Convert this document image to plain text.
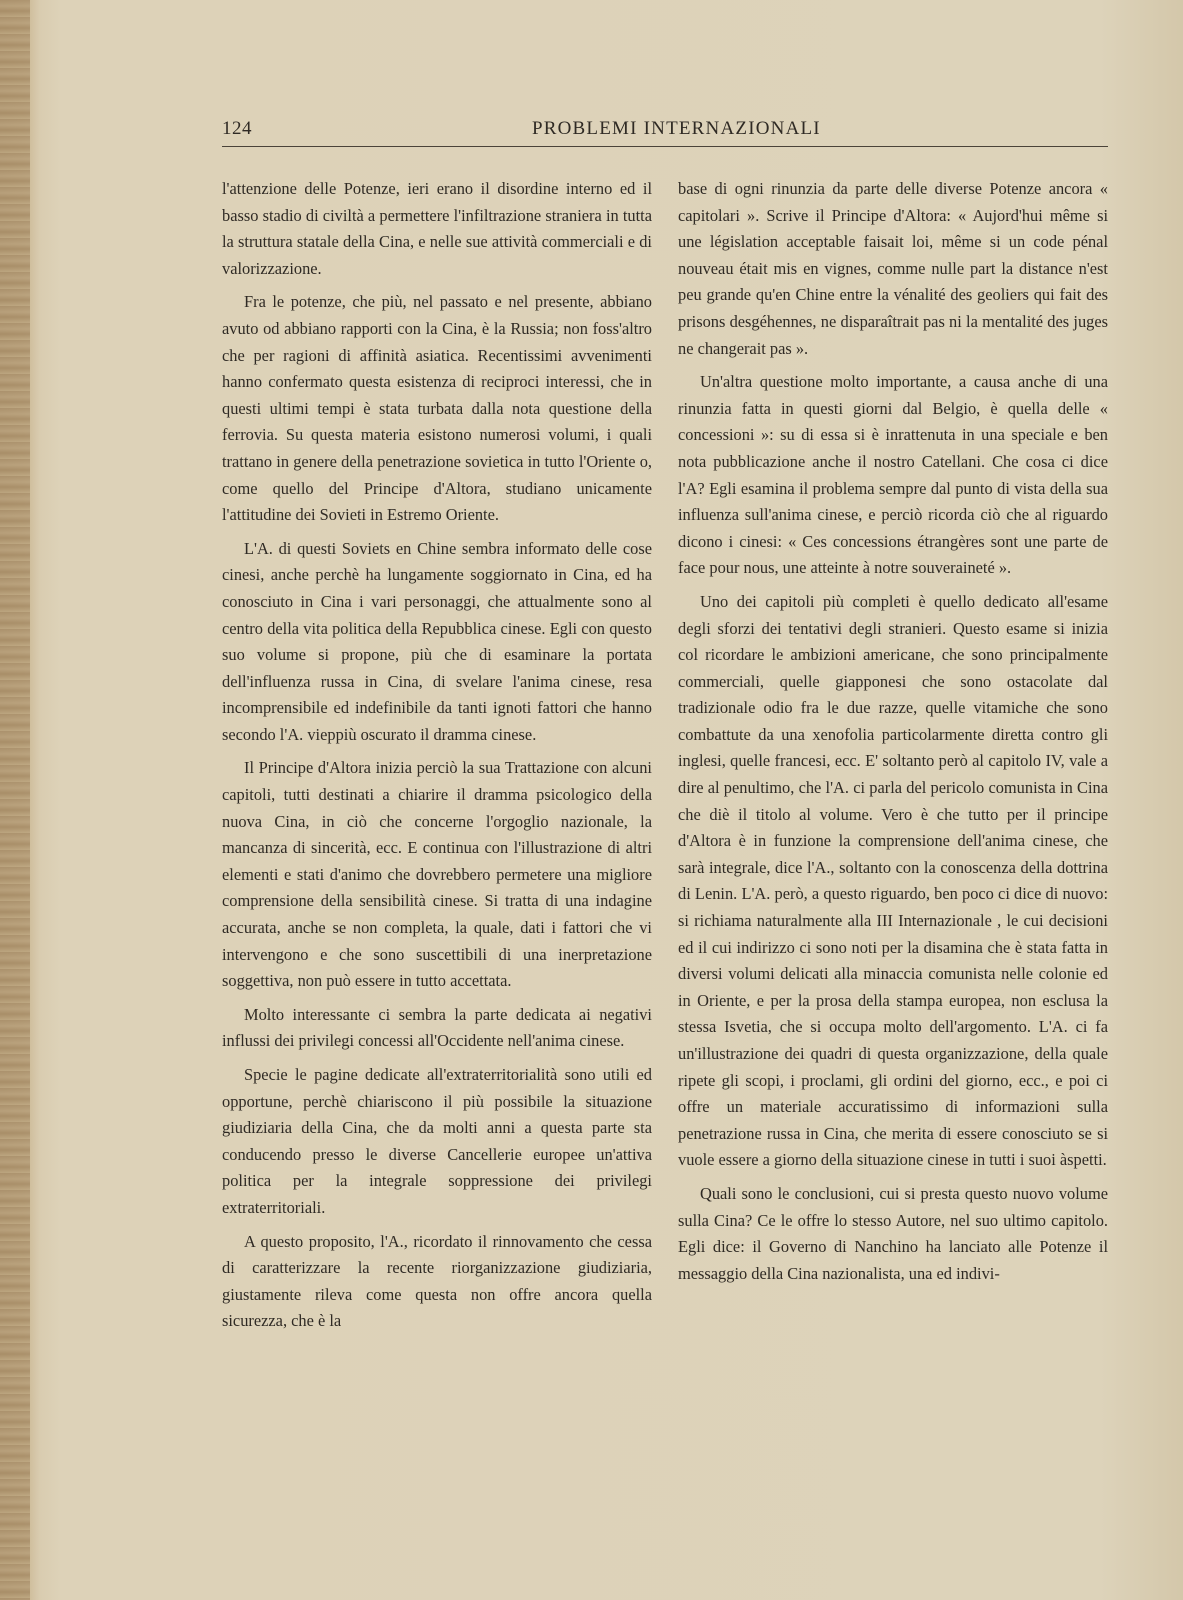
124	PROBLEMI INTERNAZIONALI

l'attenzione delle Potenze, ieri erano il disordine interno ed il basso stadio di civiltà a permettere l'infiltrazione straniera in tutta la struttura statale della Cina, e nelle sue attività commerciali e di valorizzazione.

Fra le potenze, che più, nel passato e nel presente, abbiano avuto od abbiano rapporti con la Cina, è la Russia; non foss'altro che per ragioni di affinità asiatica. Recentissimi avvenimenti hanno confermato questa esistenza di reciproci interessi, che in questi ultimi tempi è stata turbata dalla nota questione della ferrovia. Su questa materia esistono numerosi volumi, i quali trattano in genere della penetrazione sovietica in tutto l'Oriente o, come quello del Principe d'Altora, studiano unicamente l'attitudine dei Sovieti in Estremo Oriente.

L'A. di questi Soviets en Chine sembra informato delle cose cinesi, anche perchè ha lungamente soggiornato in Cina, ed ha conosciuto in Cina i vari personaggi, che attualmente sono al centro della vita politica della Repubblica cinese. Egli con questo suo volume si propone, più che di esaminare la portata dell'influenza russa in Cina, di svelare l'anima cinese, resa incomprensibile ed indefinibile da tanti ignoti fattori che hanno secondo l'A. vieppiù oscurato il dramma cinese.

Il Principe d'Altora inizia perciò la sua Trattazione con alcuni capitoli, tutti destinati a chiarire il dramma psicologico della nuova Cina, in ciò che concerne l'orgoglio nazionale, la mancanza di sincerità, ecc. E continua con l'illustrazione di altri elementi e stati d'animo che dovrebbero permetere una migliore comprensione della sensibilità cinese. Si tratta di una indagine accurata, anche se non completa, la quale, dati i fattori che vi intervengono e che sono suscettibili di una inerpretazione soggettiva, non può essere in tutto accettata.

Molto interessante ci sembra la parte dedicata ai negativi influssi dei privilegi concessi all'Occidente nell'anima cinese.

Specie le pagine dedicate all'extraterritorialità sono utili ed opportune, perchè chiariscono il più possibile la situazione giudiziaria della Cina, che da molti anni a questa parte sta conducendo presso le diverse Cancellerie europee un'attiva politica per la integrale soppressione dei privilegi extraterritoriali.

A questo proposito, l'A., ricordato il rinnovamento che cessa di caratterizzare la recente riorganizzazione giudiziaria, giustamente rileva come questa non offre ancora quella sicurezza, che è la

base di ogni rinunzia da parte delle diverse Potenze ancora « capitolari ». Scrive il Principe d'Altora: « Aujord'hui même si une législation acceptable faisait loi, même si un code pénal nouveau était mis en vignes, comme nulle part la distance n'est peu grande qu'en Chine entre la vénalité des geoliers qui fait des prisons desgéhennes, ne disparaîtrait pas ni la mentalité des juges ne changerait pas ».

Un'altra questione molto importante, a causa anche di una rinunzia fatta in questi giorni dal Belgio, è quella delle « concessioni »: su di essa si è inrattenuta in una speciale e ben nota pubblicazione anche il nostro Catellani. Che cosa ci dice l'A? Egli esamina il problema sempre dal punto di vista della sua influenza sull'anima cinese, e perciò ricorda ciò che al riguardo dicono i cinesi: « Ces concessions étrangères sont une parte de face pour nous, une atteinte à notre souveraineté ».

Uno dei capitoli più completi è quello dedicato all'esame degli sforzi dei tentativi degli stranieri. Questo esame si inizia col ricordare le ambizioni americane, che sono principalmente commerciali, quelle giapponesi che sono ostacolate dal tradizionale odio fra le due razze, quelle vitamiche che sono combattute da una xenofolia particolarmente diretta contro gli inglesi, quelle francesi, ecc. E' soltanto però al capitolo IV, vale a dire al penultimo, che l'A. ci parla del pericolo comunista in Cina che diè il titolo al volume. Vero è che tutto per il principe d'Altora è in funzione la comprensione dell'anima cinese, che sarà integrale, dice l'A., soltanto con la conoscenza della dottrina di Lenin. L'A. però, a questo riguardo, ben poco ci dice di nuovo: si richiama naturalmente alla III Internazionale , le cui decisioni ed il cui indirizzo ci sono noti per la disamina che è stata fatta in diversi volumi delicati alla minaccia comunista nelle colonie ed in Oriente, e per la prosa della stampa europea, non esclusa la stessa Isvetia, che si occupa molto dell'argomento. L'A. ci fa un'illustrazione dei quadri di questa organizzazione, della quale ripete gli scopi, i proclami, gli ordini del giorno, ecc., e poi ci offre un materiale accuratissimo di informazioni sulla penetrazione russa in Cina, che merita di essere conosciuto se si vuole essere a giorno della situazione cinese in tutti i suoi àspetti.

Quali sono le conclusioni, cui si presta questo nuovo volume sulla Cina? Ce le offre lo stesso Autore, nel suo ultimo capitolo. Egli dice: il Governo di Nanchino ha lanciato alle Potenze il messaggio della Cina nazionalista, una ed indivi-
